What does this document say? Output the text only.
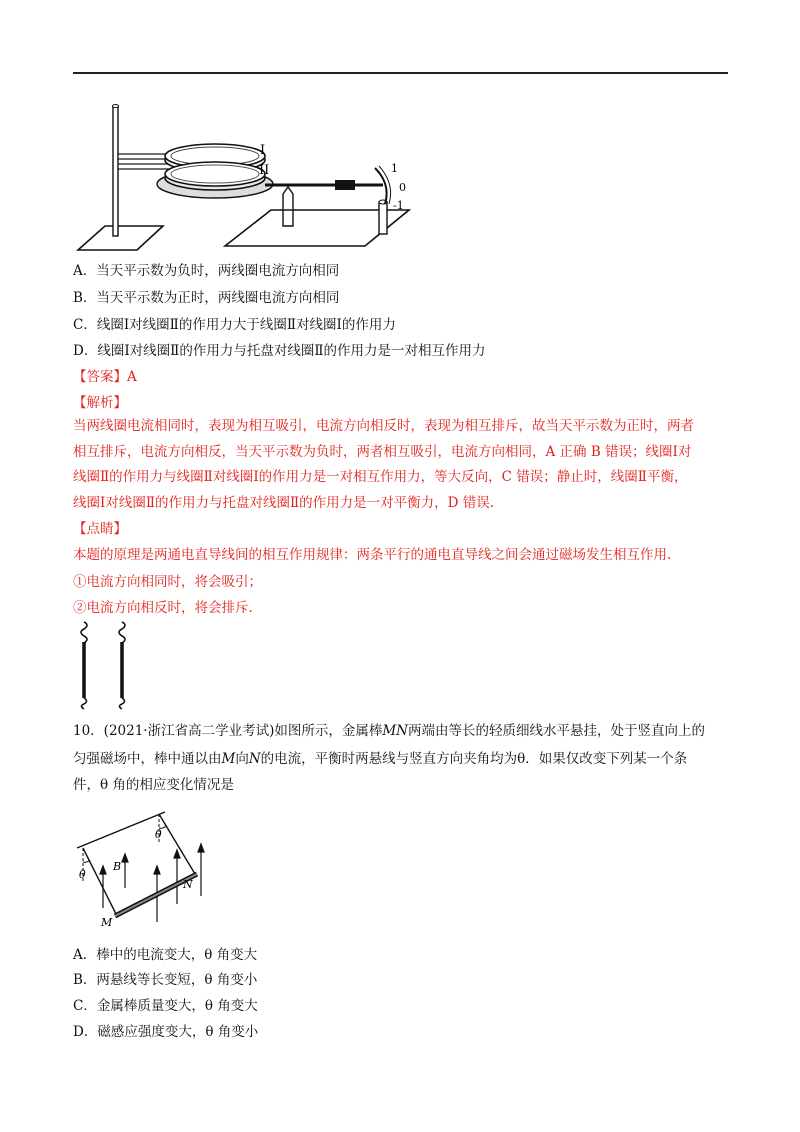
I
II	1
0
-1
A．当天平示数为负时，两线圈电流方向相同
B．当天平示数为正时，两线圈电流方向相同
C．线圈Ⅰ对线圈Ⅱ的作用力大于线圈Ⅱ对线圈Ⅰ的作用力
D．线圈Ⅰ对线圈Ⅱ的作用力与托盘对线圈Ⅱ的作用力是一对相互作用力
【答案】A
【解析】
当两线圈电流相同时，表现为相互吸引，电流方向相反时，表现为相互排斥，故当天平示数为正时，两者
相互排斥，电流方向相反，当天平示数为负时，两者相互吸引，电流方向相同，A 正确 B 错误；线圈Ⅰ对
线圈Ⅱ的作用力与线圈Ⅱ对线圈Ⅰ的作用力是一对相互作用力，等大反向，C 错误；静止时，线圈Ⅱ平衡，
线圈Ⅰ对线圈Ⅱ的作用力与托盘对线圈Ⅱ的作用力是一对平衡力，D 错误.
【点睛】
本题的原理是两通电直导线间的相互作用规律：两条平行的通电直导线之间会通过磁场发生相互作用.
①电流方向相同时，将会吸引；
②电流方向相反时，将会排斥.
10．(2021·浙江省高二学业考试)如图所示，金属棒MN两端由等长的轻质细线水平悬挂，处于竖直向上的
匀强磁场中，棒中通以由M向N的电流，平衡时两悬线与竖直方向夹角均为θ．如果仅改变下列某一个条
件，θ 角的相应变化情况是
θ
θ
B
N
M
A．棒中的电流变大，θ 角变大
B．两悬线等长变短，θ 角变小
C．金属棒质量变大，θ 角变大
D．磁感应强度变大，θ 角变小
